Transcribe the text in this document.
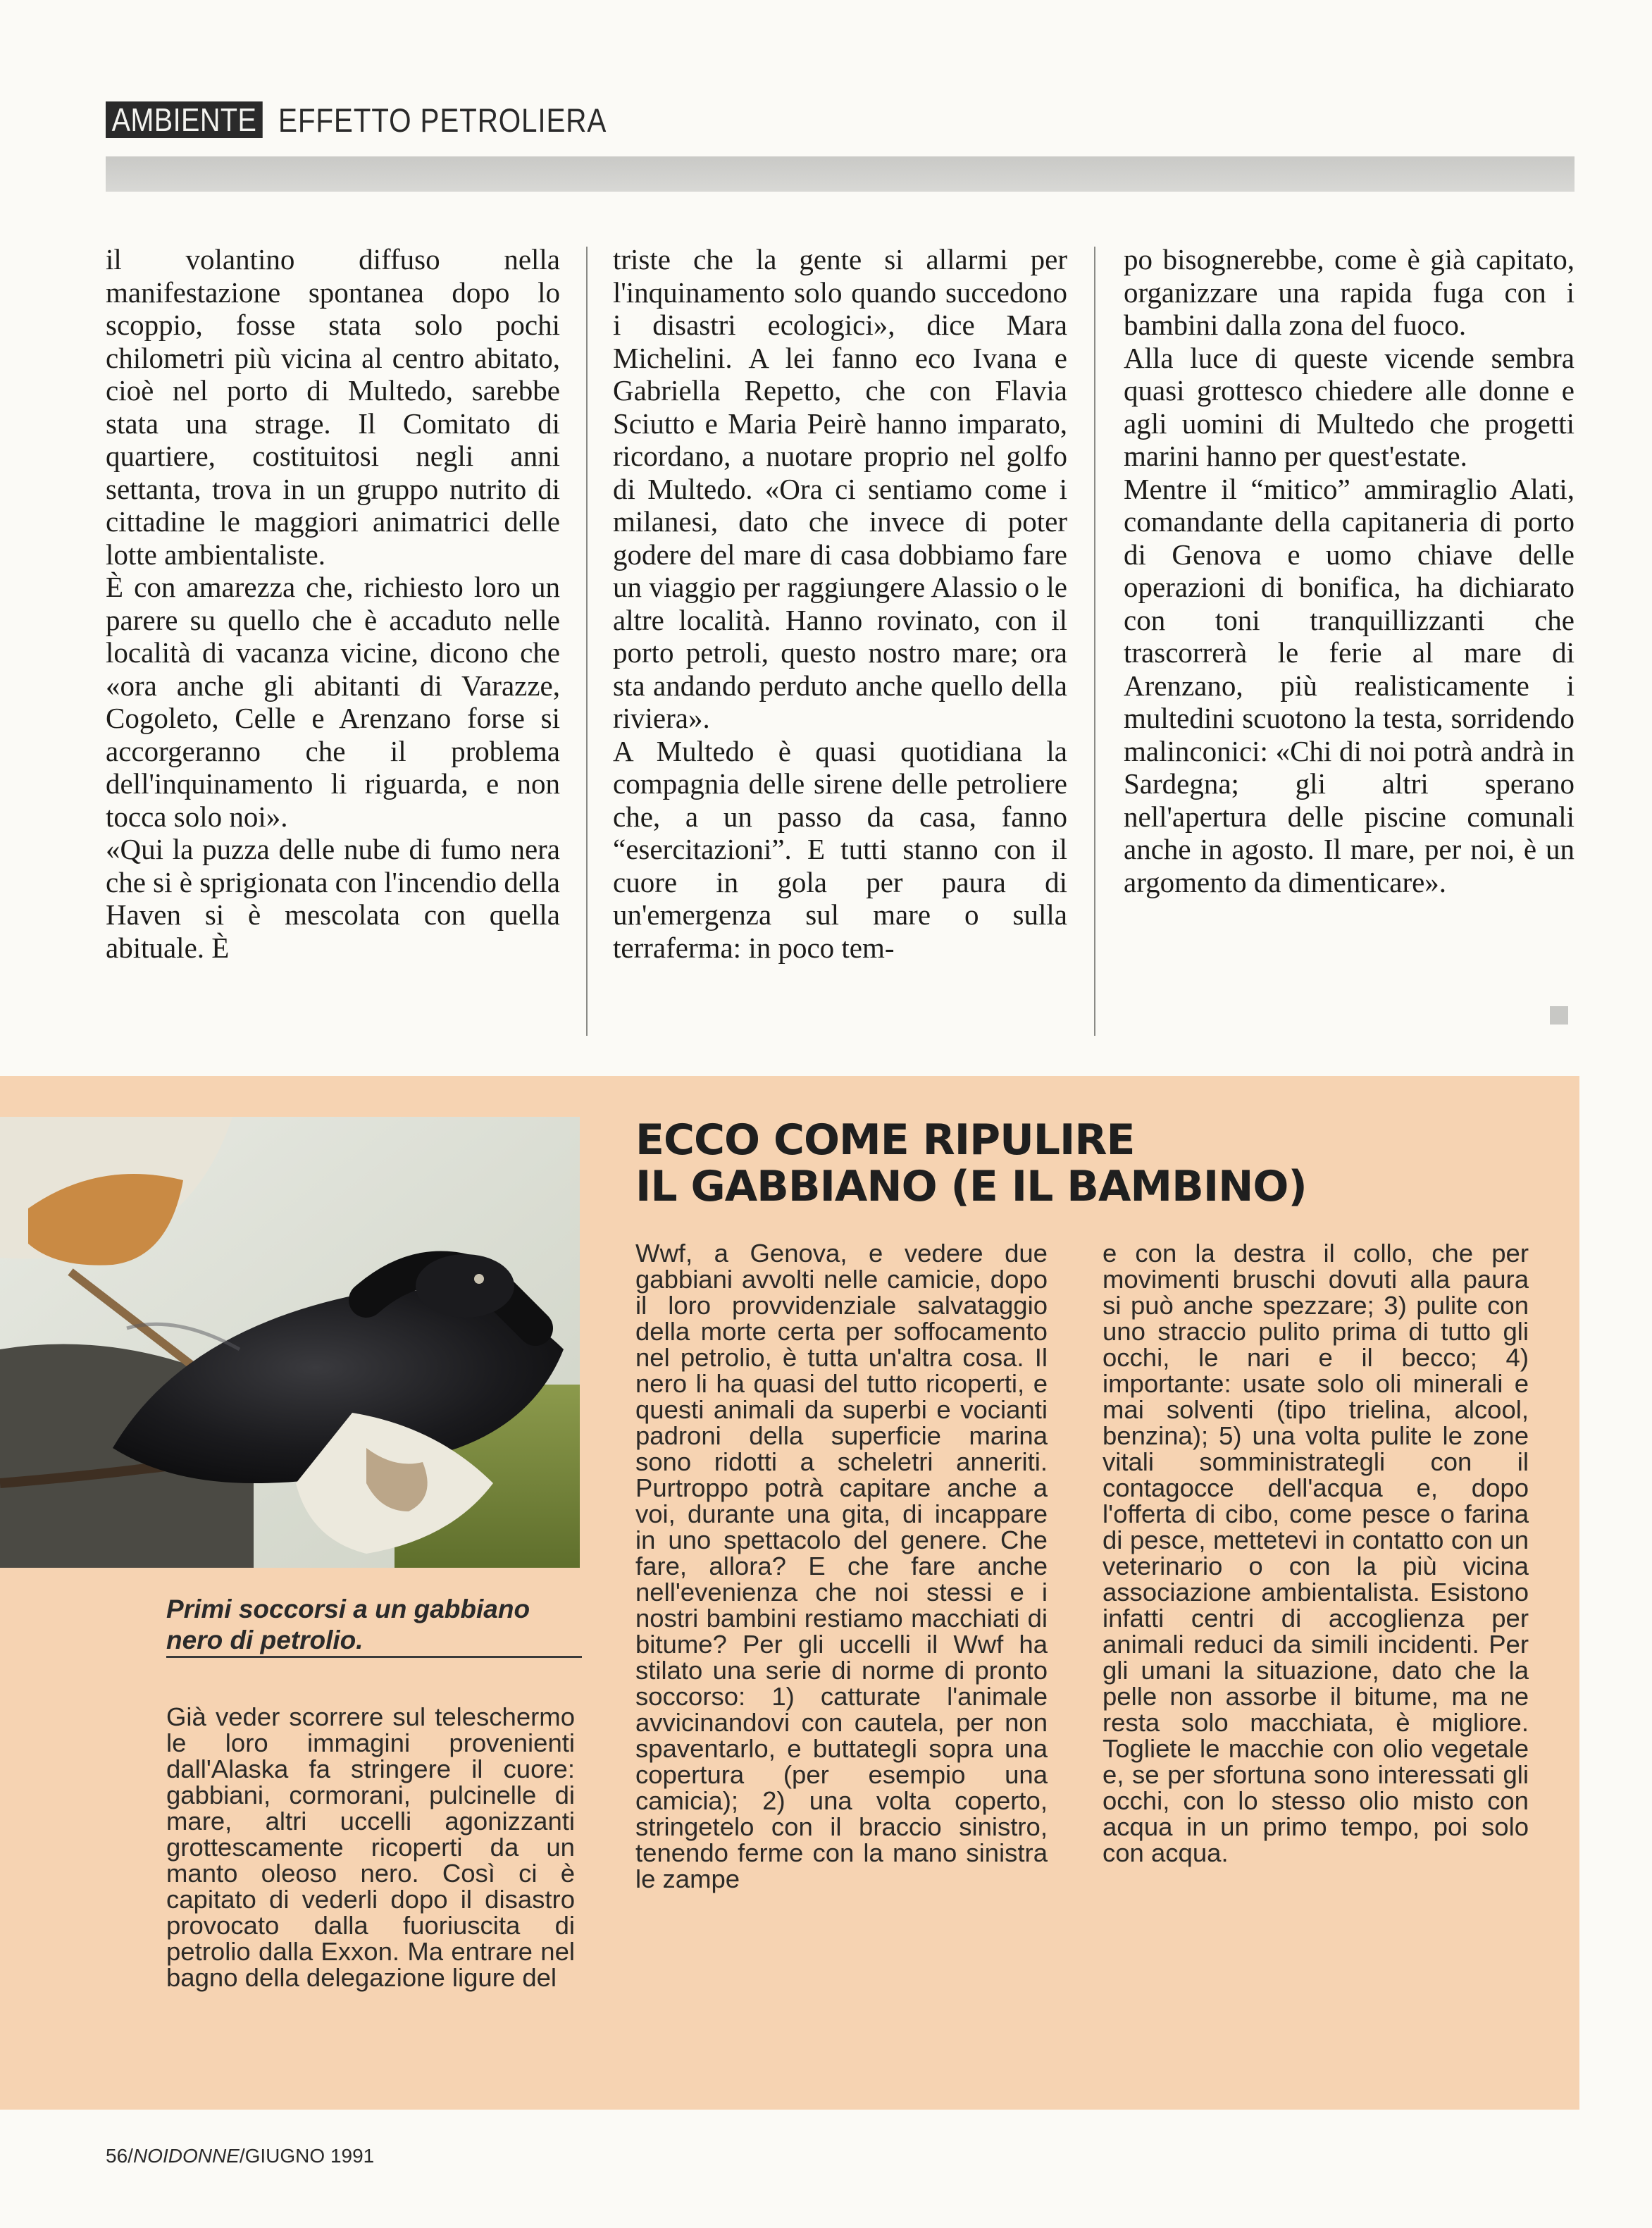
AMBIENTE EFFETTO PETROLIERA

il volantino diffuso nella manifestazione spontanea dopo lo scoppio, fosse stata solo pochi chilometri più vicina al centro abitato, cioè nel porto di Multedo, sarebbe stata una strage. Il Comitato di quartiere, costituitosi negli anni settanta, trova in un gruppo nutrito di cittadine le maggiori animatrici delle lotte ambientaliste.

È con amarezza che, richiesto loro un parere su quello che è accaduto nelle località di vacanza vicine, dicono che «ora anche gli abitanti di Varazze, Cogoleto, Celle e Arenzano forse si accorgeranno che il problema dell'inquinamento li riguarda, e non tocca solo noi».

«Qui la puzza delle nube di fumo nera che si è sprigionata con l'incendio della Haven si è mescolata con quella abituale. È

triste che la gente si allarmi per l'inquinamento solo quando succedono i disastri ecologici», dice Mara Michelini. A lei fanno eco Ivana e Gabriella Repetto, che con Flavia Sciutto e Maria Peirè hanno imparato, ricordano, a nuotare proprio nel golfo di Multedo. «Ora ci sentiamo come i milanesi, dato che invece di poter godere del mare di casa dobbiamo fare un viaggio per raggiungere Alassio o le altre località. Hanno rovinato, con il porto petroli, questo nostro mare; ora sta andando perduto anche quello della riviera».

A Multedo è quasi quotidiana la compagnia delle sirene delle petroliere che, a un passo da casa, fanno “esercitazioni”. E tutti stanno con il cuore in gola per paura di un'emergenza sul mare o sulla terraferma: in poco tem-

po bisognerebbe, come è già capitato, organizzare una rapida fuga con i bambini dalla zona del fuoco.

Alla luce di queste vicende sembra quasi grottesco chiedere alle donne e agli uomini di Multedo che progetti marini hanno per quest'estate.

Mentre il “mitico” ammiraglio Alati, comandante della capitaneria di porto di Genova e uomo chiave delle operazioni di bonifica, ha dichiarato con toni tranquillizzanti che trascorrerà le ferie al mare di Arenzano, più realisticamente i multedini scuotono la testa, sorridendo malinconici: «Chi di noi potrà andrà in Sardegna; gli altri sperano nell'apertura delle piscine comunali anche in agosto. Il mare, per noi, è un argomento da dimenticare».

Primi soccorsi a un gabbiano nero di petrolio.
ECCO COME RIPULIRE
IL GABBIANO (E IL BAMBINO)
Già veder scorrere sul teleschermo le loro immagini provenienti dall'Alaska fa stringere il cuore: gabbiani, cormorani, pulcinelle di mare, altri uccelli agonizzanti grottescamente ricoperti da un manto oleoso nero. Così ci è capitato di vederli dopo il disastro provocato dalla fuoriuscita di petrolio dalla Exxon. Ma entrare nel bagno della delegazione ligure del
Wwf, a Genova, e vedere due gabbiani avvolti nelle camicie, dopo il loro provvidenziale salvataggio della morte certa per soffocamento nel petrolio, è tutta un'altra cosa. Il nero li ha quasi del tutto ricoperti, e questi animali da superbi e vocianti padroni della superficie marina sono ridotti a scheletri anneriti. Purtroppo potrà capitare anche a voi, durante una gita, di incappare in uno spettacolo del genere. Che fare, allora? E che fare anche nell'evenienza che noi stessi e i nostri bambini restiamo macchiati di bitume? Per gli uccelli il Wwf ha stilato una serie di norme di pronto soccorso: 1) catturate l'animale avvicinandovi con cautela, per non spaventarlo, e buttategli sopra una copertura (per esempio una camicia); 2) una volta coperto, stringetelo con il braccio sinistro, tenendo ferme con la mano sinistra le zampe
e con la destra il collo, che per movimenti bruschi dovuti alla paura si può anche spezzare; 3) pulite con uno straccio pulito prima di tutto gli occhi, le nari e il becco; 4) importante: usate solo oli minerali e mai solventi (tipo trielina, alcool, benzina); 5) una volta pulite le zone vitali somministrategli con il contagocce dell'acqua e, dopo l'offerta di cibo, come pesce o farina di pesce, mettetevi in contatto con un veterinario o con la più vicina associazione ambientalista. Esistono infatti centri di accoglienza per animali reduci da simili incidenti. Per gli umani la situazione, dato che la pelle non assorbe il bitume, ma ne resta solo macchiata, è migliore. Togliete le macchie con olio vegetale e, se per sfortuna sono interessati gli occhi, con lo stesso olio misto con acqua in un primo tempo, poi solo con acqua.
56/NOIDONNE/GIUGNO 1991
